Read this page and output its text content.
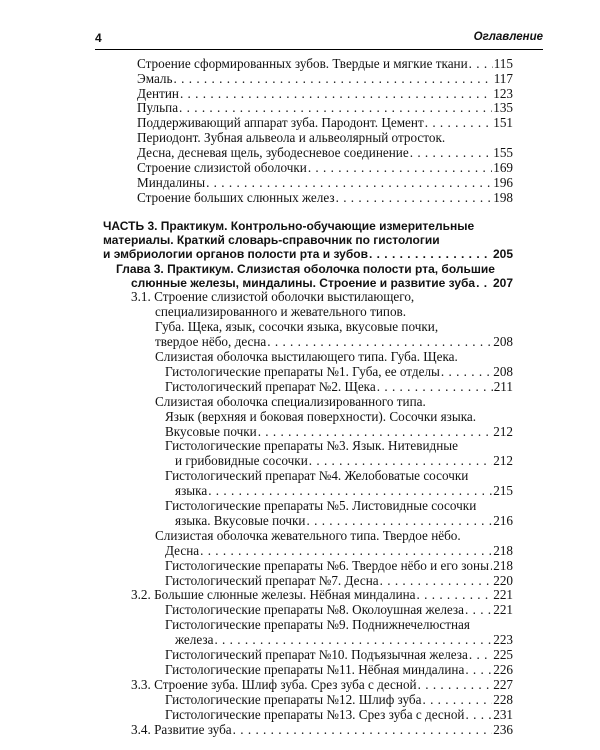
4	Оглавление
Строение сформированных зубов. Твердые и мягкие ткани . . . 115
Эмаль . . .	117
Дентин . . .	123
Пульпа . . .	135
Поддерживающий аппарат зуба. Пародонт. Цемент . . .	151
Периодонт. Зубная альвеола и альвеолярный отросток.
Десна, десневая щель, зубодесневое соединение . . .	155
Строение слизистой оболочки . . .	169
Миндалины . . .	196
Строение больших слюнных желез . . .	198
ЧАСТЬ 3. Практикум. Контрольно-обучающие измерительные
материалы. Краткий словарь-справочник по гистологии
и эмбриологии органов полости рта и зубов . . .	205
Глава 3. Практикум. Слизистая оболочка полости рта, большие
слюнные железы, миндалины. Строение и развитие зуба . . . 207
3.1. Строение слизистой оболочки выстилающего,
специализированного и жевательного типов.
Губа. Щека, язык, сосочки языка, вкусовые почки,
твердое нёбо, десна . . .	208
Слизистая оболочка выстилающего типа. Губа. Щека.
Гистологические препараты №1. Губа, ее отделы . . .	208
Гистологический препарат №2. Щека . . .	211
Слизистая оболочка специализированного типа.
Язык (верхняя и боковая поверхности). Сосочки языка.
Вкусовые почки . . .	212
Гистологические препараты №3. Язык. Нитевидные
и грибовидные сосочки . . .	212
Гистологический препарат №4. Желобоватые сосочки
языка . . .	215
Гистологические препараты №5. Листовидные сосочки
языка. Вкусовые почки . . .	216
Слизистая оболочка жевательного типа. Твердое нёбо.
Десна . . .	218
Гистологические препараты №6. Твердое нёбо и его зоны . . . 218
Гистологический препарат №7. Десна . . .	220
3.2. Большие слюнные железы. Нёбная миндалина . . .	221
Гистологические препараты №8. Околоушная железа . . . 221
Гистологические препараты №9. Поднижнечелюстная
железа . . .	223
Гистологический препарат №10. Подъязычная железа . . . 225
Гистологические препараты №11. Нёбная миндалина . . . 226
3.3. Строение зуба. Шлиф зуба. Срез зуба с десной . . .	227
Гистологические препараты №12. Шлиф зуба . . .	228
Гистологические препараты №13. Срез зуба с десной . . . 231
3.4. Развитие зуба . . .	236
